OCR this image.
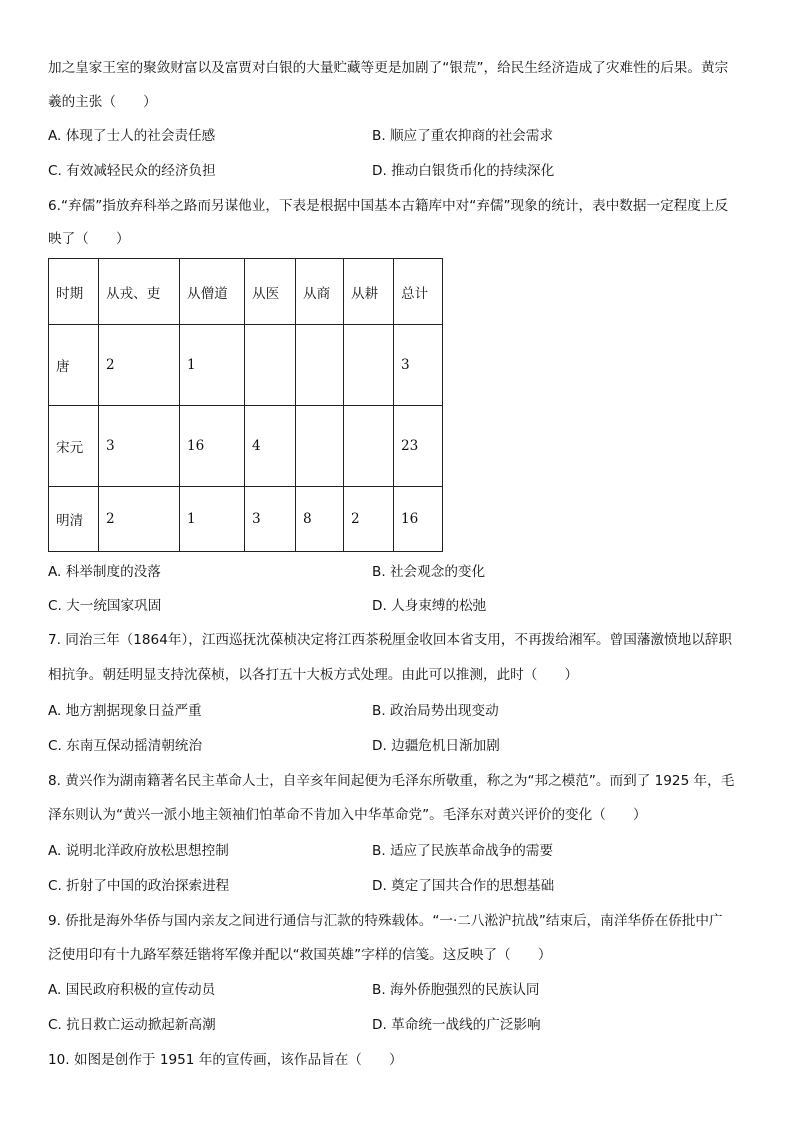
加之皇家王室的聚敛财富以及富贾对白银的大量贮藏等更是加剧了“银荒”，给民生经济造成了灾难性的后果。黄宗
羲的主张（　　）
A. 体现了士人的社会责任感	B. 顺应了重农抑商的社会需求
C. 有效减轻民众的经济负担	D. 推动白银货币化的持续深化
6.“弃儒”指放弃科举之路而另谋他业，下表是根据中国基本古籍库中对“弃儒”现象的统计，表中数据一定程度上反
映了（　　）
时期	从戎、吏	从僧道	从医	从商	从耕	总计
唐	2	1				3
宋元	3	16	4			23
明清	2	1	3	8	2	16
A. 科举制度的没落	B. 社会观念的变化
C. 大一统国家巩固	D. 人身束缚的松弛
7. 同治三年（1864年），江西巡抚沈葆桢决定将江西茶税厘金收回本省支用，不再拨给湘军。曾国藩激愤地以辞职
相抗争。朝廷明显支持沈葆桢，以各打五十大板方式处理。由此可以推测，此时（　　）
A. 地方割据现象日益严重	B. 政治局势出现变动
C. 东南互保动摇清朝统治	D. 边疆危机日渐加剧
8. 黄兴作为湖南籍著名民主革命人士，自辛亥年间起便为毛泽东所敬重，称之为“邦之模范”。而到了 1925 年，毛
泽东则认为“黄兴一派小地主领袖们怕革命不肯加入中华革命党”。毛泽东对黄兴评价的变化（　　）
A. 说明北洋政府放松思想控制	B. 适应了民族革命战争的需要
C. 折射了中国的政治探索进程	D. 奠定了国共合作的思想基础
9. 侨批是海外华侨与国内亲友之间进行通信与汇款的特殊载体。“一·二八淞沪抗战”结束后，南洋华侨在侨批中广
泛使用印有十九路军蔡廷锴将军像并配以“救国英雄”字样的信笺。这反映了（　　）
A. 国民政府积极的宣传动员	B. 海外侨胞强烈的民族认同
C. 抗日救亡运动掀起新高潮	D. 革命统一战线的广泛影响
10. 如图是创作于 1951 年的宣传画，该作品旨在（　　）
